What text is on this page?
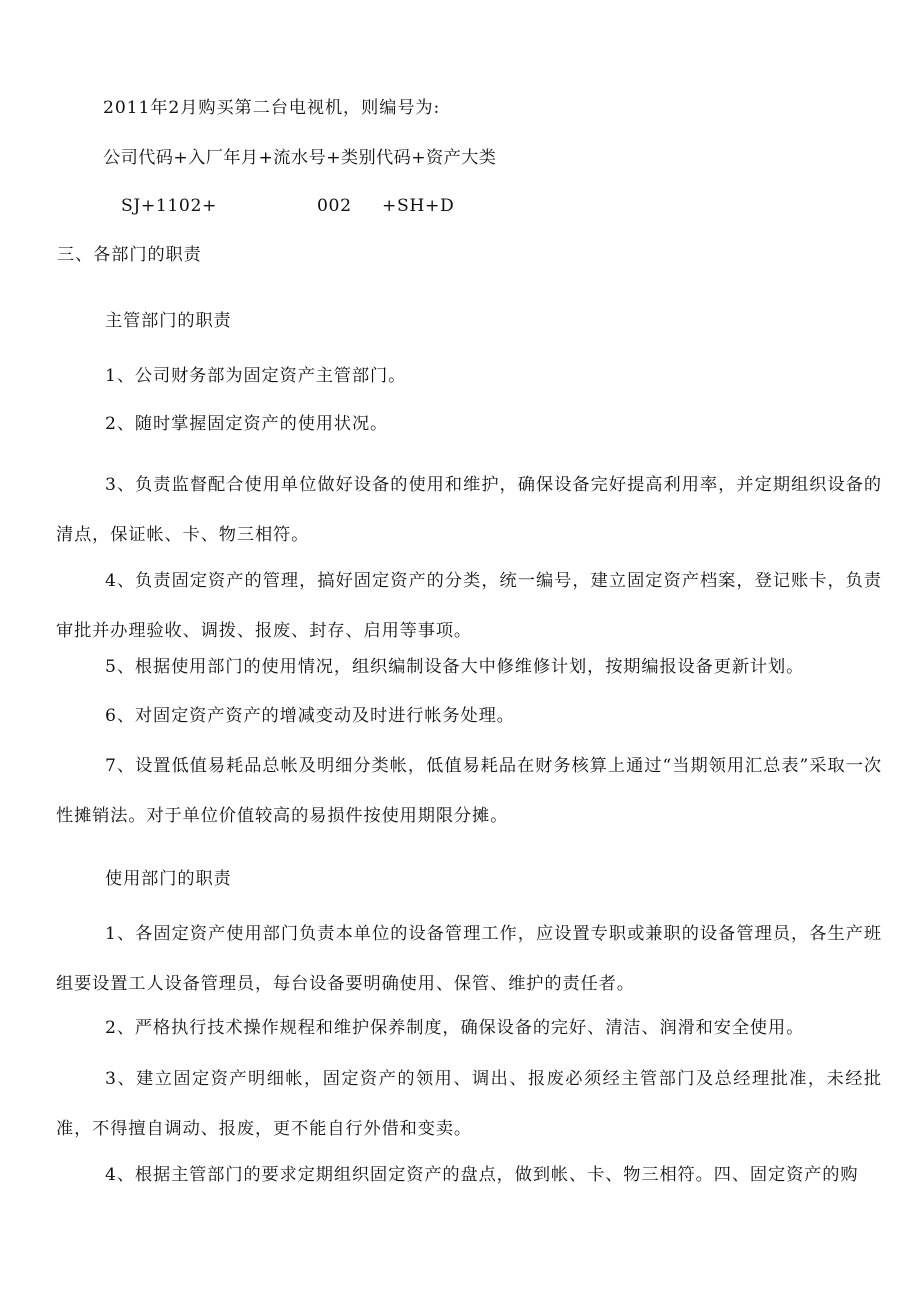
2011年2月购买第二台电视机，则编号为:

公司代码+入厂年月+流水号+类别代码+资产大类

SJ+1102+	002 +SH+D

三、各部门的职责

主管部门的职责

1、公司财务部为固定资产主管部门。

2、随时掌握固定资产的使用状况。

3、负责监督配合使用单位做好设备的使用和维护，确保设备完好提高利用率，并定期组织设备的清点，保证帐、卡、物三相符。

4、负责固定资产的管理，搞好固定资产的分类，统一编号，建立固定资产档案，登记账卡，负责审批并办理验收、调拨、报废、封存、启用等事项。

5、根据使用部门的使用情况，组织编制设备大中修维修计划，按期编报设备更新计划。

6、对固定资产资产的增减变动及时进行帐务处理。

7、设置低值易耗品总帐及明细分类帐，低值易耗品在财务核算上通过“当期领用汇总表”采取一次性摊销法。对于单位价值较高的易损件按使用期限分摊。

使用部门的职责

1、各固定资产使用部门负责本单位的设备管理工作，应设置专职或兼职的设备管理员，各生产班组要设置工人设备管理员，每台设备要明确使用、保管、维护的责任者。

2、严格执行技术操作规程和维护保养制度，确保设备的完好、清洁、润滑和安全使用。

3、建立固定资产明细帐，固定资产的领用、调出、报废必须经主管部门及总经理批准，未经批准，不得擅自调动、报废，更不能自行外借和变卖。

4、根据主管部门的要求定期组织固定资产的盘点，做到帐、卡、物三相符。四、固定资产的购
